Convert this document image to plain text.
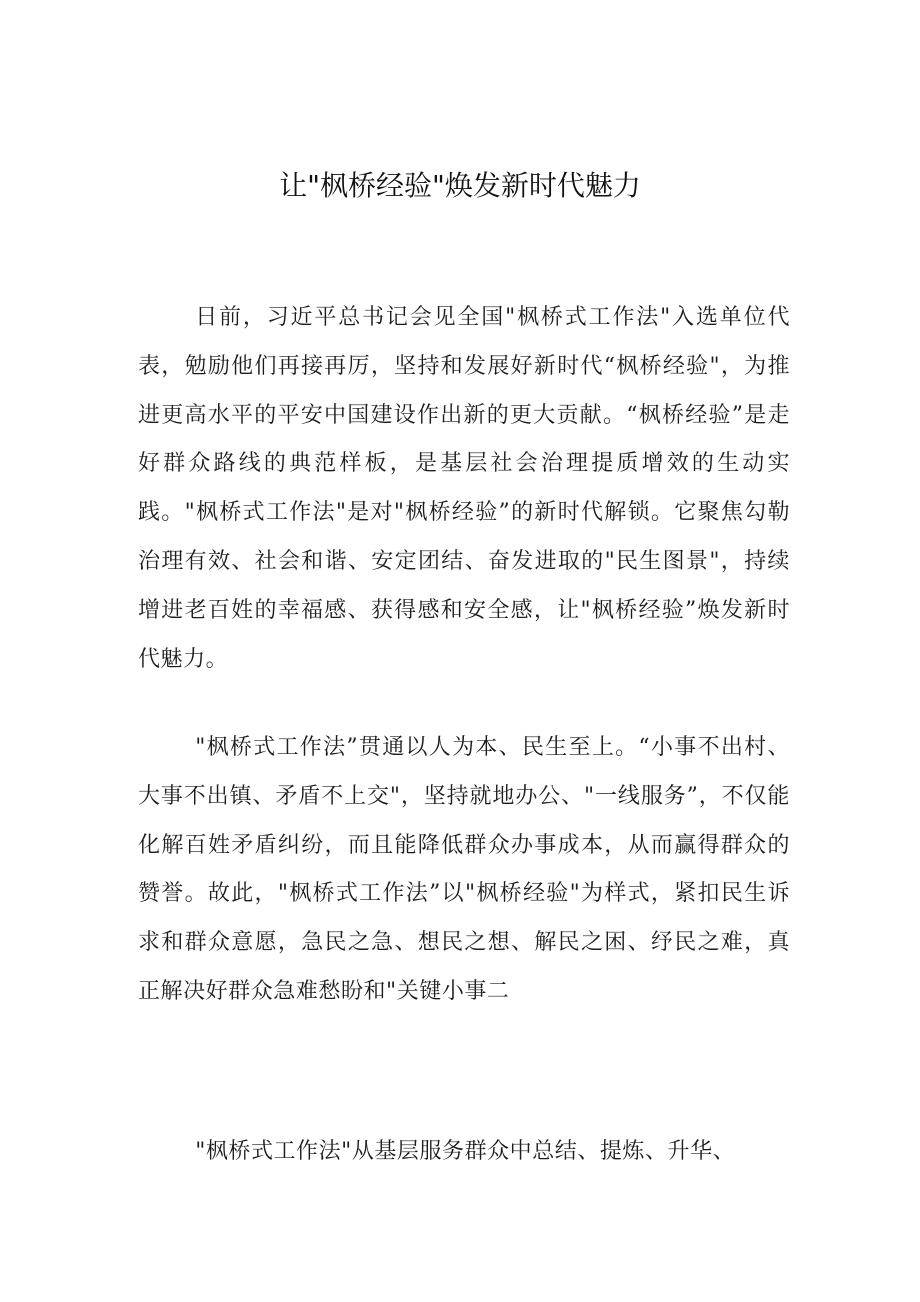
让"枫桥经验"焕发新时代魅力

日前，习近平总书记会见全国"枫桥式工作法"入选单位代表，勉励他们再接再厉，坚持和发展好新时代“枫桥经验"，为推进更高水平的平安中国建设作出新的更大贡献。“枫桥经验”是走好群众路线的典范样板，是基层社会治理提质增效的生动实践。"枫桥式工作法"是对"枫桥经验”的新时代解锁。它聚焦勾勒治理有效、社会和谐、安定团结、奋发进取的"民生图景"，持续增进老百姓的幸福感、获得感和安全感，让"枫桥经验”焕发新时代魅力。

"枫桥式工作法”贯通以人为本、民生至上。“小事不出村、大事不出镇、矛盾不上交"，坚持就地办公、"一线服务”，不仅能化解百姓矛盾纠纷，而且能降低群众办事成本，从而赢得群众的赞誉。故此，"枫桥式工作法”以"枫桥经验"为样式，紧扣民生诉求和群众意愿，急民之急、想民之想、解民之困、纾民之难，真正解决好群众急难愁盼和"关键小事二

"枫桥式工作法"从基层服务群众中总结、提炼、升华、
